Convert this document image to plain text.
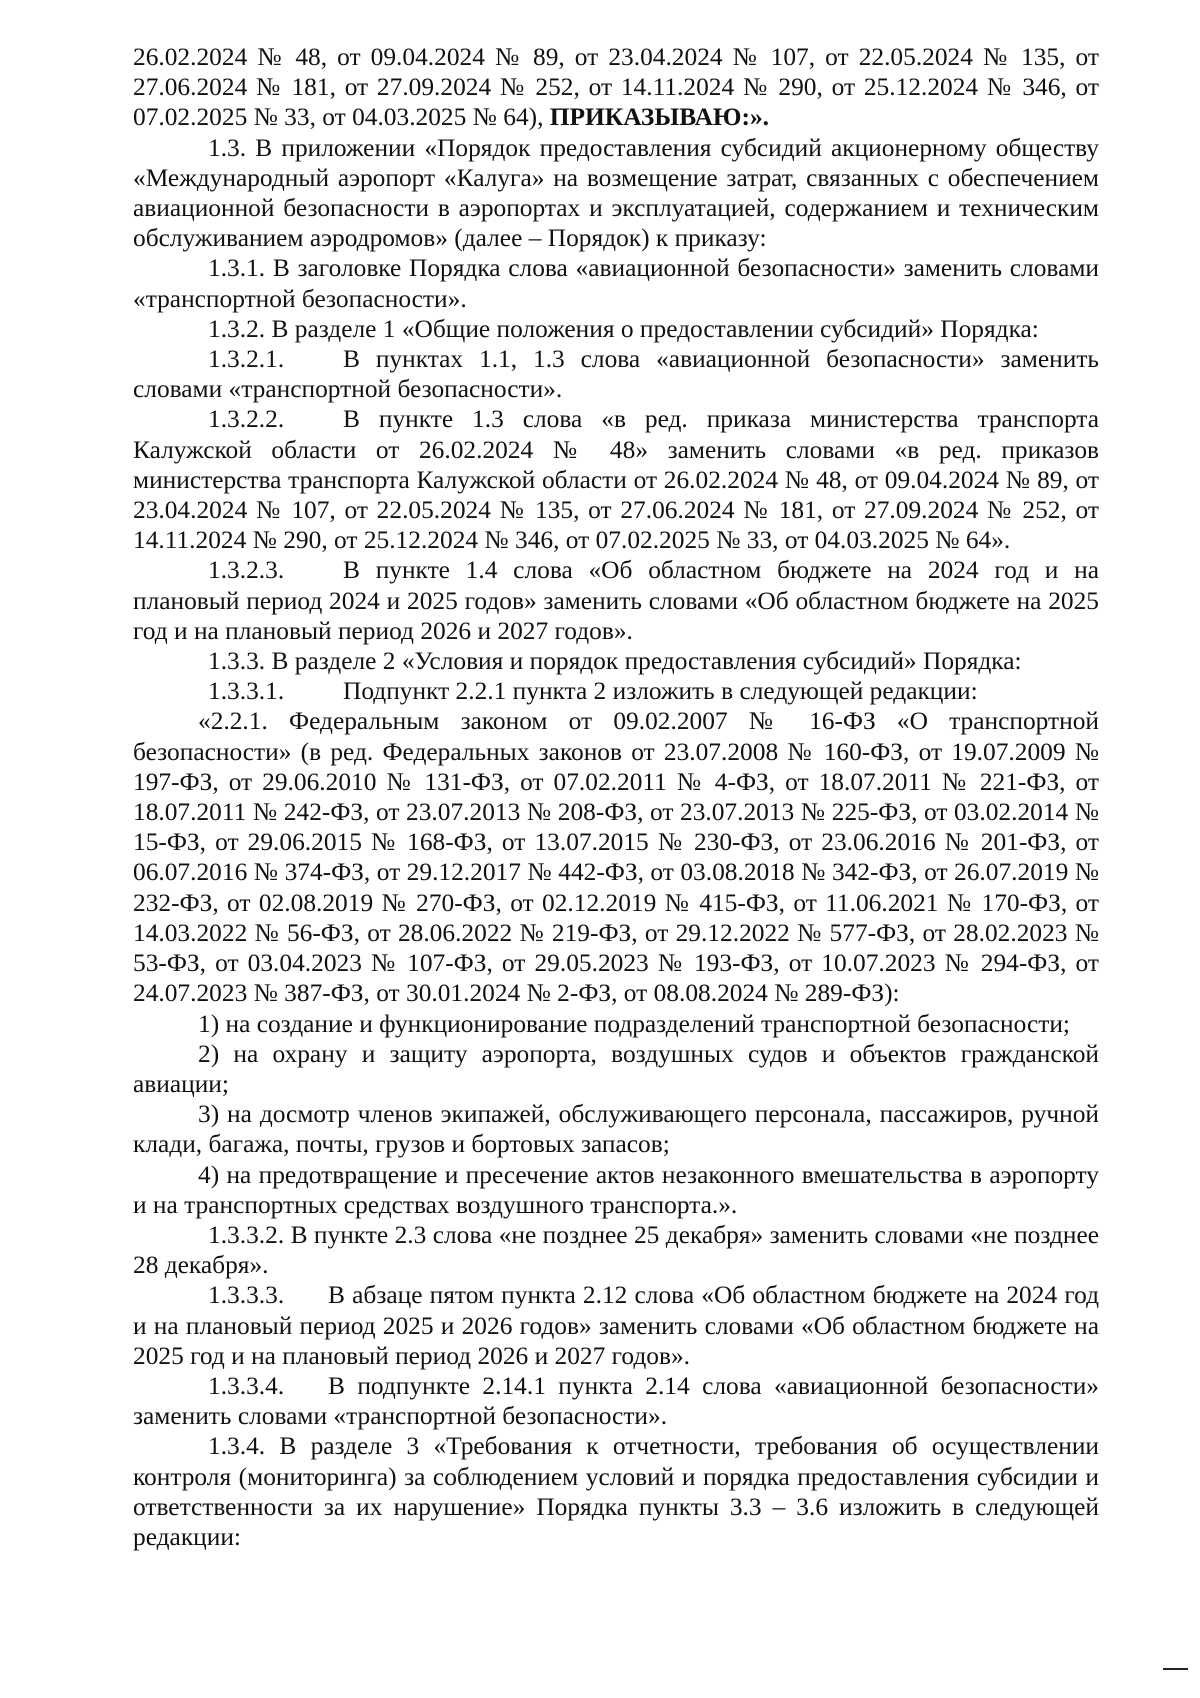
26.02.2024 № 48, от 09.04.2024 № 89, от 23.04.2024 № 107, от 22.05.2024 № 135, от 27.06.2024 № 181, от 27.09.2024 № 252, от 14.11.2024 № 290, от 25.12.2024 № 346, от 07.02.2025 № 33, от 04.03.2025 № 64), ПРИКАЗЫВАЮ:».

1.3. В приложении «Порядок предоставления субсидий акционерному обществу «Международный аэропорт «Калуга» на возмещение затрат, связанных с обеспечением авиационной безопасности в аэропортах и эксплуатацией, содержанием и техническим обслуживанием аэродромов» (далее – Порядок) к приказу:

1.3.1. В заголовке Порядка слова «авиационной безопасности» заменить словами «транспортной безопасности».

1.3.2. В разделе 1 «Общие положения о предоставлении субсидий» Порядка:

1.3.2.1. В пунктах 1.1, 1.3 слова «авиационной безопасности» заменить словами «транспортной безопасности».

1.3.2.2. В пункте 1.3 слова «в ред. приказа министерства транспорта Калужской области от 26.02.2024 № 48» заменить словами «в ред. приказов министерства транспорта Калужской области от 26.02.2024 № 48, от 09.04.2024 № 89, от 23.04.2024 № 107, от 22.05.2024 № 135, от 27.06.2024 № 181, от 27.09.2024 № 252, от 14.11.2024 № 290, от 25.12.2024 № 346, от 07.02.2025 № 33, от 04.03.2025 № 64».

1.3.2.3. В пункте 1.4 слова «Об областном бюджете на 2024 год и на плановый период 2024 и 2025 годов» заменить словами «Об областном бюджете на 2025 год и на плановый период 2026 и 2027 годов».

1.3.3. В разделе 2 «Условия и порядок предоставления субсидий» Порядка:

1.3.3.1. Подпункт 2.2.1 пункта 2 изложить в следующей редакции:

«2.2.1. Федеральным законом от 09.02.2007 № 16-ФЗ «О транспортной безопасности» (в ред. Федеральных законов от 23.07.2008 № 160-ФЗ, от 19.07.2009 № 197-ФЗ, от 29.06.2010 № 131-ФЗ, от 07.02.2011 № 4-ФЗ, от 18.07.2011 № 221-ФЗ, от 18.07.2011 № 242-ФЗ, от 23.07.2013 № 208-ФЗ, от 23.07.2013 № 225-ФЗ, от 03.02.2014 № 15-ФЗ, от 29.06.2015 № 168-ФЗ, от 13.07.2015 № 230-ФЗ, от 23.06.2016 № 201-ФЗ, от 06.07.2016 № 374-ФЗ, от 29.12.2017 № 442-ФЗ, от 03.08.2018 № 342-ФЗ, от 26.07.2019 № 232-ФЗ, от 02.08.2019 № 270-ФЗ, от 02.12.2019 № 415-ФЗ, от 11.06.2021 № 170-ФЗ, от 14.03.2022 № 56-ФЗ, от 28.06.2022 № 219-ФЗ, от 29.12.2022 № 577-ФЗ, от 28.02.2023 № 53-ФЗ, от 03.04.2023 № 107-ФЗ, от 29.05.2023 № 193-ФЗ, от 10.07.2023 № 294-ФЗ, от 24.07.2023 № 387-ФЗ, от 30.01.2024 № 2-ФЗ, от 08.08.2024 № 289-ФЗ):

1) на создание и функционирование подразделений транспортной безопасности;

2) на охрану и защиту аэропорта, воздушных судов и объектов гражданской авиации;

3) на досмотр членов экипажей, обслуживающего персонала, пассажиров, ручной клади, багажа, почты, грузов и бортовых запасов;

4) на предотвращение и пресечение актов незаконного вмешательства в аэропорту и на транспортных средствах воздушного транспорта.».

1.3.3.2. В пункте 2.3 слова «не позднее 25 декабря» заменить словами «не позднее 28 декабря».

1.3.3.3. В абзаце пятом пункта 2.12 слова «Об областном бюджете на 2024 год и на плановый период 2025 и 2026 годов» заменить словами «Об областном бюджете на 2025 год и на плановый период 2026 и 2027 годов».

1.3.3.4. В подпункте 2.14.1 пункта 2.14 слова «авиационной безопасности» заменить словами «транспортной безопасности».

1.3.4. В разделе 3 «Требования к отчетности, требования об осуществлении контроля (мониторинга) за соблюдением условий и порядка предоставления субсидии и ответственности за их нарушение» Порядка пункты 3.3 – 3.6 изложить в следующей редакции:
